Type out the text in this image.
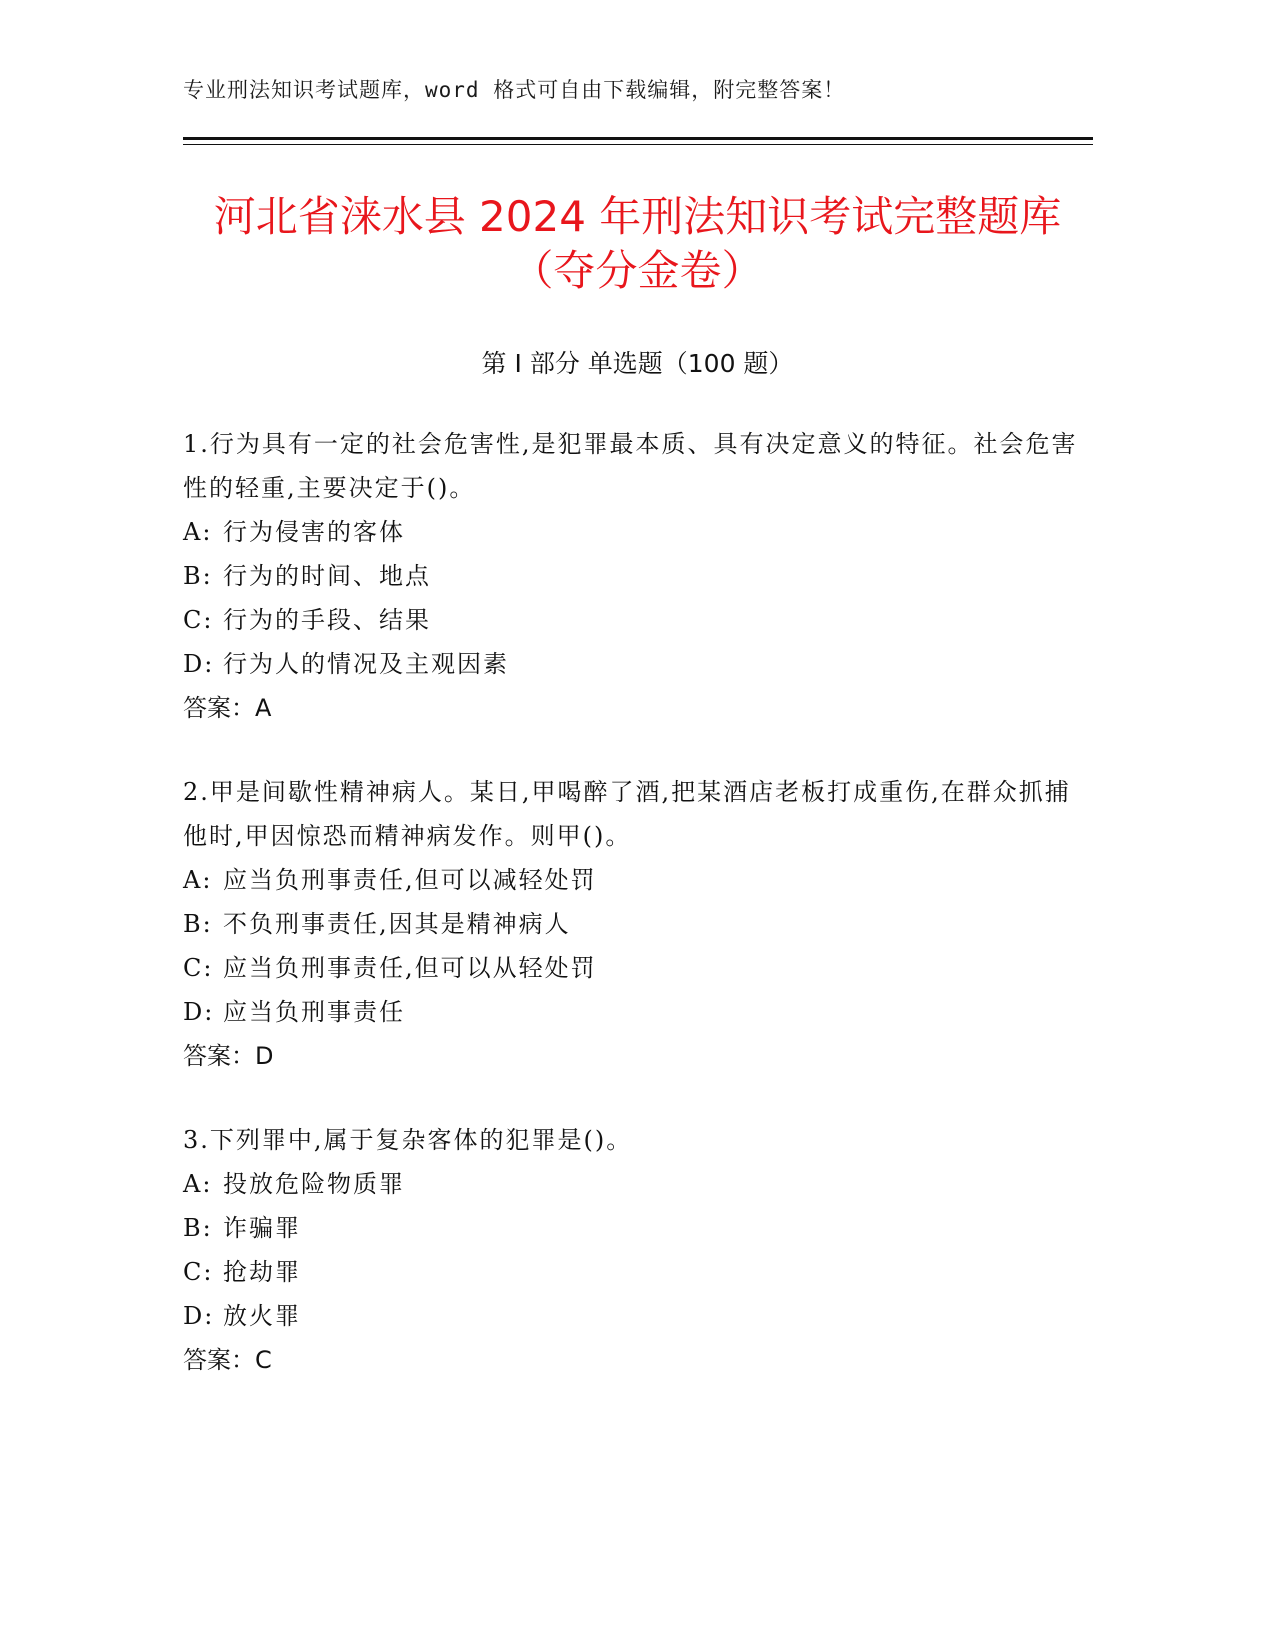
专业刑法知识考试题库，word 格式可自由下载编辑，附完整答案！
河北省涞水县 2024 年刑法知识考试完整题库
（夺分金卷）
第 I 部分 单选题（100 题）

1.行为具有一定的社会危害性,是犯罪最本质、具有决定意义的特征。社会危害性的轻重,主要决定于()。

A: 行为侵害的客体
B: 行为的时间、地点
C: 行为的手段、结果
D: 行为人的情况及主观因素
答案：A

2.甲是间歇性精神病人。某日,甲喝醉了酒,把某酒店老板打成重伤,在群众抓捕他时,甲因惊恐而精神病发作。则甲()。

A: 应当负刑事责任,但可以减轻处罚
B: 不负刑事责任,因其是精神病人
C: 应当负刑事责任,但可以从轻处罚
D: 应当负刑事责任
答案：D

3.下列罪中,属于复杂客体的犯罪是()。

A: 投放危险物质罪
B: 诈骗罪
C: 抢劫罪
D: 放火罪
答案：C
